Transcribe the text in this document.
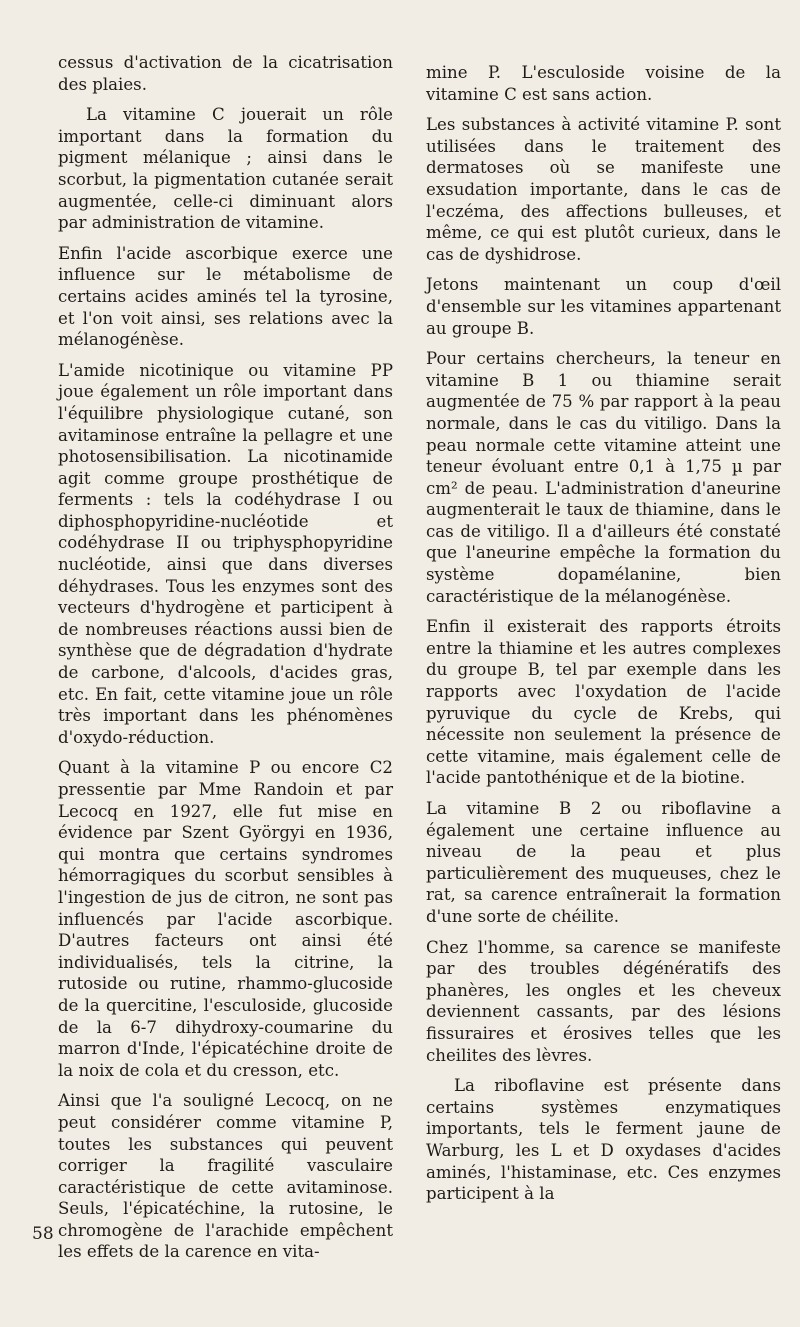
cessus d'activation de la cicatrisation des plaies.

La vitamine C jouerait un rôle important dans la formation du pigment mélanique ; ainsi dans le scorbut, la pigmentation cutanée serait augmentée, celle-ci diminuant alors par administration de vitamine.

Enfin l'acide ascorbique exerce une influence sur le métabolisme de certains acides aminés tel la tyrosine, et l'on voit ainsi, ses relations avec la mélanogénèse.

L'amide nicotinique ou vitamine PP joue également un rôle important dans l'équilibre physiologique cutané, son avitaminose entraîne la pellagre et une photosensibilisation. La nicotinamide agit comme groupe prosthétique de ferments : tels la codéhydrase I ou diphosphopyridine-nucléotide et codéhydrase II ou triphysphopyridine nucléotide, ainsi que dans diverses déhydrases. Tous les enzymes sont des vecteurs d'hydrogène et participent à de nombreuses réactions aussi bien de synthèse que de dégradation d'hydrate de carbone, d'alcools, d'acides gras, etc. En fait, cette vitamine joue un rôle très important dans les phénomènes d'oxydo-réduction.

Quant à la vitamine P ou encore C2 pressentie par Mme Randoin et par Lecocq en 1927, elle fut mise en évidence par Szent Györgyi en 1936, qui montra que certains syndromes hémorragiques du scorbut sensibles à l'ingestion de jus de citron, ne sont pas influencés par l'acide ascorbique. D'autres facteurs ont ainsi été individualisés, tels la citrine, la rutoside ou rutine, rhammo-glucoside de la quercitine, l'esculoside, glucoside de la 6-7 dihydroxy-coumarine du marron d'Inde, l'épicatéchine droite de la noix de cola et du cresson, etc.

Ainsi que l'a souligné Lecocq, on ne peut considérer comme vitamine P, toutes les substances qui peuvent corriger la fragilité vasculaire caractéristique de cette avitaminose. Seuls, l'épicatéchine, la rutosine, le chromogène de l'arachide empêchent les effets de la carence en vita-

mine P. L'esculoside voisine de la vitamine C est sans action.

Les substances à activité vitamine P. sont utilisées dans le traitement des dermatoses où se manifeste une exsudation importante, dans le cas de l'eczéma, des affections bulleuses, et même, ce qui est plutôt curieux, dans le cas de dyshidrose.

Jetons maintenant un coup d'œil d'ensemble sur les vitamines appartenant au groupe B.

Pour certains chercheurs, la teneur en vitamine B 1 ou thiamine serait augmentée de 75 % par rapport à la peau normale, dans le cas du vitiligo. Dans la peau normale cette vitamine atteint une teneur évoluant entre 0,1 à 1,75 µ par cm² de peau. L'administration d'aneurine augmenterait le taux de thiamine, dans le cas de vitiligo. Il a d'ailleurs été constaté que l'aneurine empêche la formation du système dopamélanine, bien caractéristique de la mélanogénèse.

Enfin il existerait des rapports étroits entre la thiamine et les autres complexes du groupe B, tel par exemple dans les rapports avec l'oxydation de l'acide pyruvique du cycle de Krebs, qui nécessite non seulement la présence de cette vitamine, mais également celle de l'acide pantothénique et de la biotine.

La vitamine B 2 ou riboflavine a également une certaine influence au niveau de la peau et plus particulièrement des muqueuses, chez le rat, sa carence entraînerait la formation d'une sorte de chéilite.

Chez l'homme, sa carence se manifeste par des troubles dégénératifs des phanères, les ongles et les cheveux deviennent cassants, par des lésions fissuraires et érosives telles que les cheilites des lèvres.

La riboflavine est présente dans certains systèmes enzymatiques importants, tels le ferment jaune de Warburg, les L et D oxydases d'acides aminés, l'histaminase, etc. Ces enzymes participent à la

58
